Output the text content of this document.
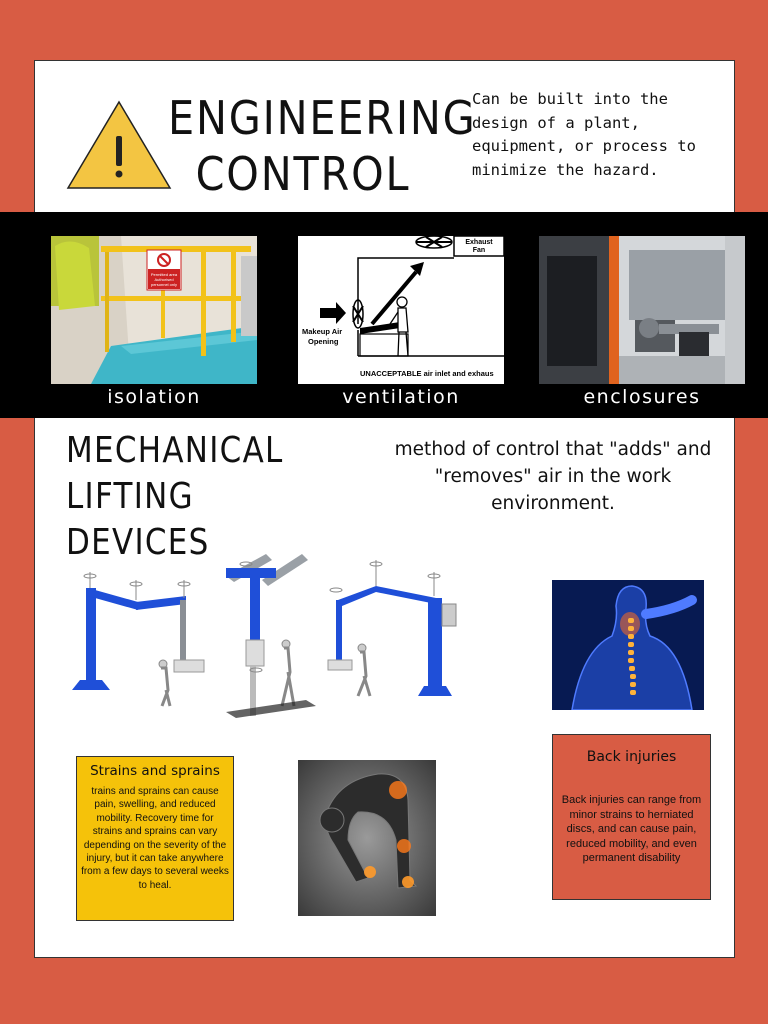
ENGINEERING
CONTROL
Can be built into the design of a plant, equipment, or process to minimize the hazard.
Permitted area
Authorised
personnel only
isolation
Exhaust
Fan
Makeup Air
Opening
UNACCEPTABLE air inlet and exhaus
ventilation	enclosures
MECHANICAL
LIFTING DEVICES
method of control that "adds" and "removes" air in the work environment.
Strains and sprains
trains and sprains can cause pain, swelling, and reduced mobility. Recovery time for strains and sprains can vary depending on the severity of the injury, but it can take anywhere from a few days to several weeks to heal.
Back injuries
Back injuries can range from minor strains to herniated discs, and can cause pain, reduced mobility, and even permanent disability
